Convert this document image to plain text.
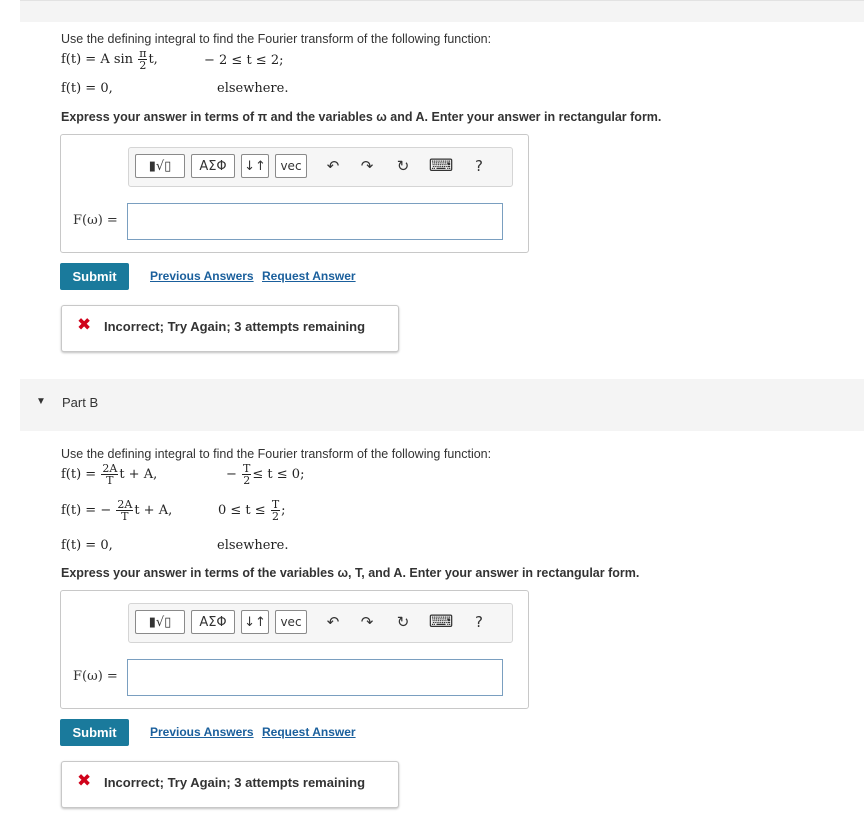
Use the defining integral to find the Fourier transform of the following function:
f(t) = A $\sin \frac{\pi}{2} t$,	− 2 ≤ t ≤ 2;
f(t) = 0,	elsewhere.
Express your answer in terms of π and the variables ω and A. Enter your answer in rectangular form.
▮√▯ ΑΣΦ ↓↑ vec	↶	↷	↻	⌨	?
F(ω) =
Submit	Previous Answers Request Answer
✖ Incorrect; Try Again; 3 attempts remaining
▼ Part B
Use the defining integral to find the Fourier transform of the following function:
$f(t) = \frac{2A}{T}$ t + A,	− $\frac{T}{2} \le t \le 0$;
f(t) = − $\frac{2A}{T}$ t + A,	$0 \le t \le \frac{T}{2}$ ;
f(t) = 0,	elsewhere.
Express your answer in terms of the variables ω, T, and A. Enter your answer in rectangular form.
▮√▯ ΑΣΦ ↓↑ vec	↶	↷	↻	⌨	?
F(ω) =
Submit	Previous Answers Request Answer
✖ Incorrect; Try Again; 3 attempts remaining
